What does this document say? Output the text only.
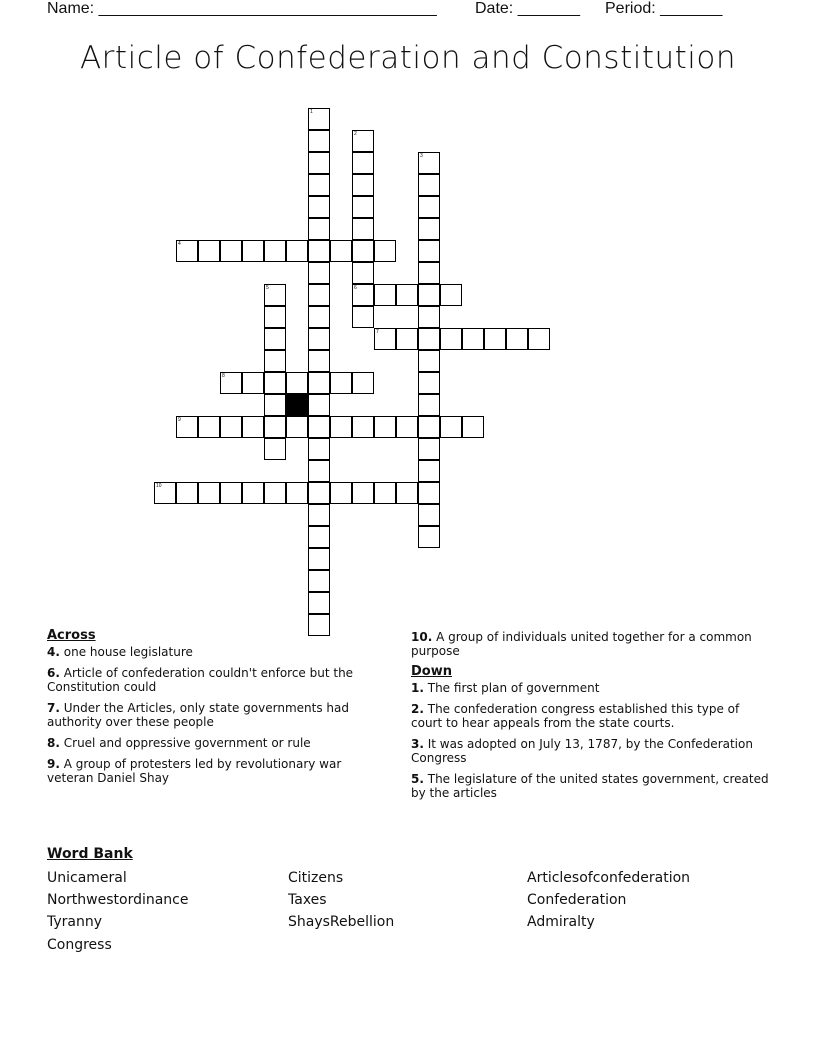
Name: ______________________________________ Date: _______ Period: _______
Article of Confederation and Constitution
1
2
6
3
4
5
7
8
9
10
Across
4. one house legislature
6. Article of confederation couldn't enforce but the Constitution could
7. Under the Articles, only state governments had authority over these people
8. Cruel and oppressive government or rule
9. A group of protesters led by revolutionary war veteran Daniel Shay
10. A group of individuals united together for a common purpose
Down
1. The first plan of government
2. The confederation congress established this type of court to hear appeals from the state courts.
3. It was adopted on July 13, 1787, by the Confederation Congress
5. The legislature of the united states government, created by the articles
Word Bank
Unicameral	Citizens	Articlesofconfederation
Northwestordinance	Taxes	Confederation
Tyranny	ShaysRebellion	Admiralty
Congress
